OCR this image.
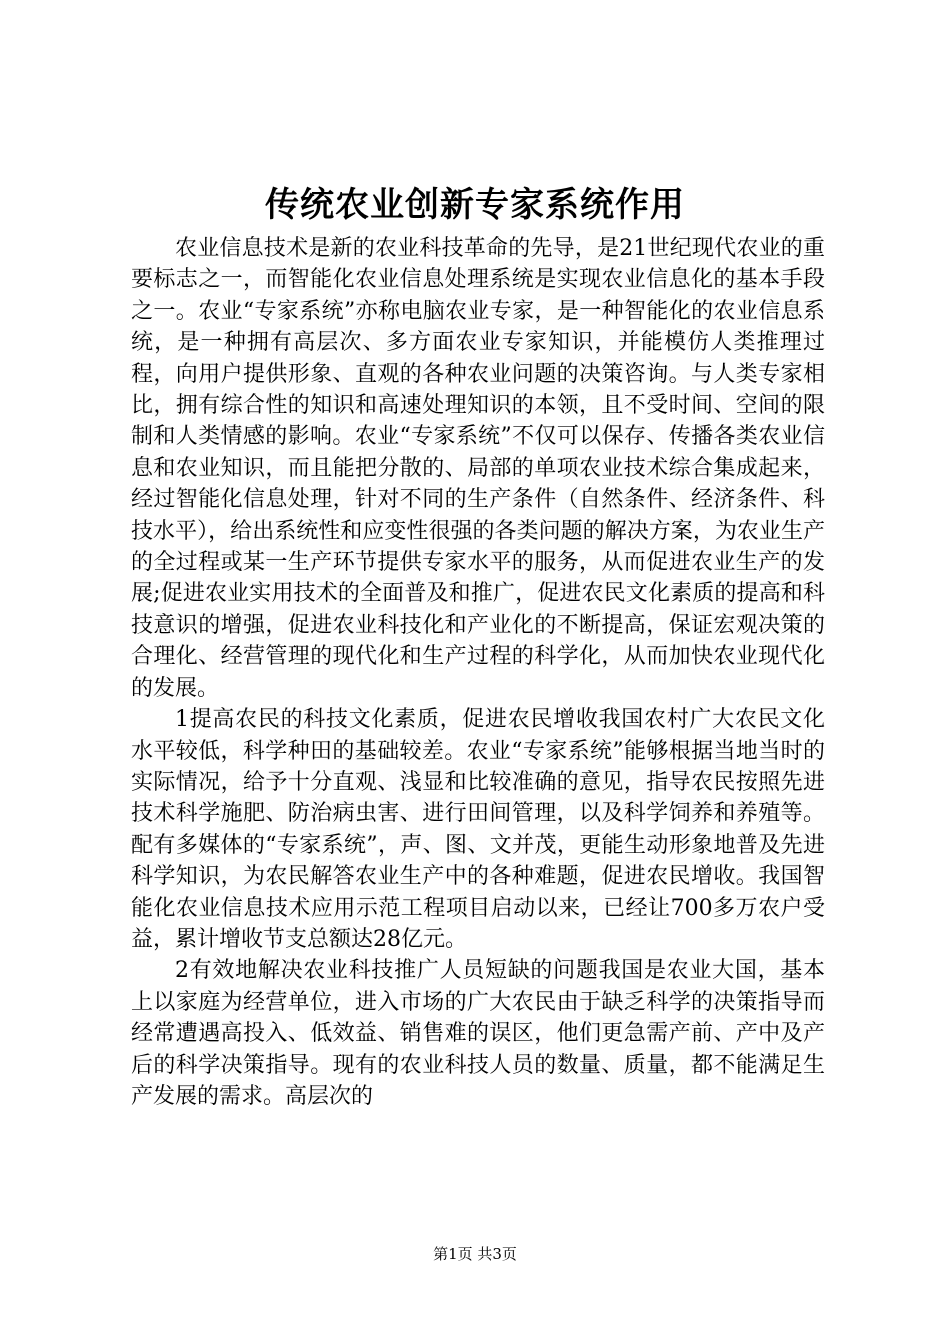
传统农业创新专家系统作用

农业信息技术是新的农业科技革命的先导，是21世纪现代农业的重要标志之一，而智能化农业信息处理系统是实现农业信息化的基本手段之一。农业“专家系统”亦称电脑农业专家，是一种智能化的农业信息系统，是一种拥有高层次、多方面农业专家知识，并能模仿人类推理过程，向用户提供形象、直观的各种农业问题的决策咨询。与人类专家相比，拥有综合性的知识和高速处理知识的本领，且不受时间、空间的限制和人类情感的影响。农业“专家系统”不仅可以保存、传播各类农业信息和农业知识，而且能把分散的、局部的单项农业技术综合集成起来，经过智能化信息处理，针对不同的生产条件（自然条件、经济条件、科技水平），给出系统性和应变性很强的各类问题的解决方案，为农业生产的全过程或某一生产环节提供专家水平的服务，从而促进农业生产的发展;促进农业实用技术的全面普及和推广，促进农民文化素质的提高和科技意识的增强，促进农业科技化和产业化的不断提高，保证宏观决策的合理化、经营管理的现代化和生产过程的科学化，从而加快农业现代化的发展。

1提高农民的科技文化素质，促进农民增收我国农村广大农民文化水平较低，科学种田的基础较差。农业“专家系统”能够根据当地当时的实际情况，给予十分直观、浅显和比较准确的意见，指导农民按照先进技术科学施肥、防治病虫害、进行田间管理，以及科学饲养和养殖等。配有多媒体的“专家系统”，声、图、文并茂，更能生动形象地普及先进科学知识，为农民解答农业生产中的各种难题，促进农民增收。我国智能化农业信息技术应用示范工程项目启动以来，已经让700多万农户受益，累计增收节支总额达28亿元。

2有效地解决农业科技推广人员短缺的问题我国是农业大国，基本上以家庭为经营单位，进入市场的广大农民由于缺乏科学的决策指导而经常遭遇高投入、低效益、销售难的误区，他们更急需产前、产中及产后的科学决策指导。现有的农业科技人员的数量、质量，都不能满足生产发展的需求。高层次的

第1页 共3页
